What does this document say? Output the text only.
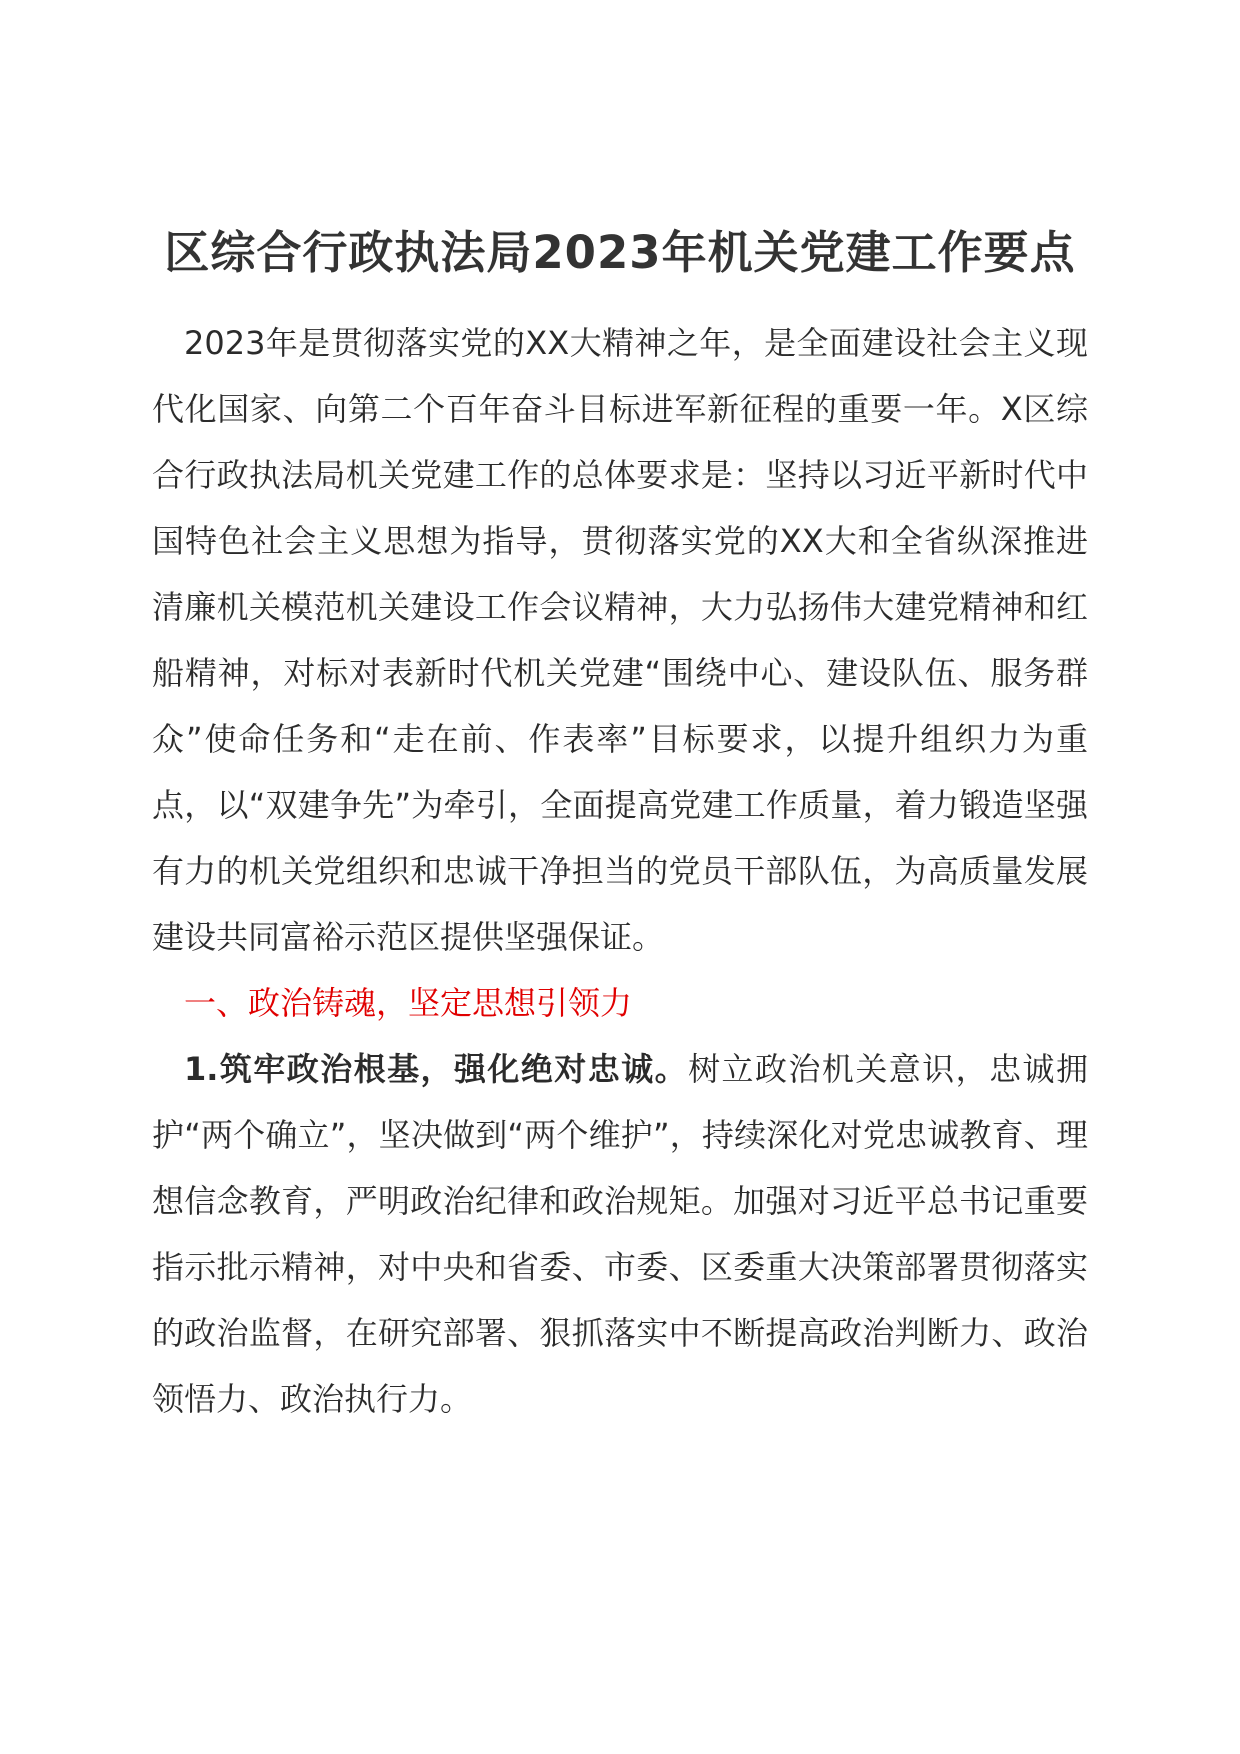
区综合行政执法局2023年机关党建工作要点

2023年是贯彻落实党的XX大精神之年，是全面建设社会主义现代化国家、向第二个百年奋斗目标进军新征程的重要一年。X区综合行政执法局机关党建工作的总体要求是：坚持以习近平新时代中国特色社会主义思想为指导，贯彻落实党的XX大和全省纵深推进清廉机关模范机关建设工作会议精神，大力弘扬伟大建党精神和红船精神，对标对表新时代机关党建“围绕中心、建设队伍、服务群众”使命任务和“走在前、作表率”目标要求，以提升组织力为重点，以“双建争先”为牵引，全面提高党建工作质量，着力锻造坚强有力的机关党组织和忠诚干净担当的党员干部队伍，为高质量发展建设共同富裕示范区提供坚强保证。

一、政治铸魂，坚定思想引领力

1.筑牢政治根基，强化绝对忠诚。树立政治机关意识，忠诚拥护“两个确立”，坚决做到“两个维护”，持续深化对党忠诚教育、理想信念教育，严明政治纪律和政治规矩。加强对习近平总书记重要指示批示精神，对中央和省委、市委、区委重大决策部署贯彻落实的政治监督，在研究部署、狠抓落实中不断提高政治判断力、政治领悟力、政治执行力。
